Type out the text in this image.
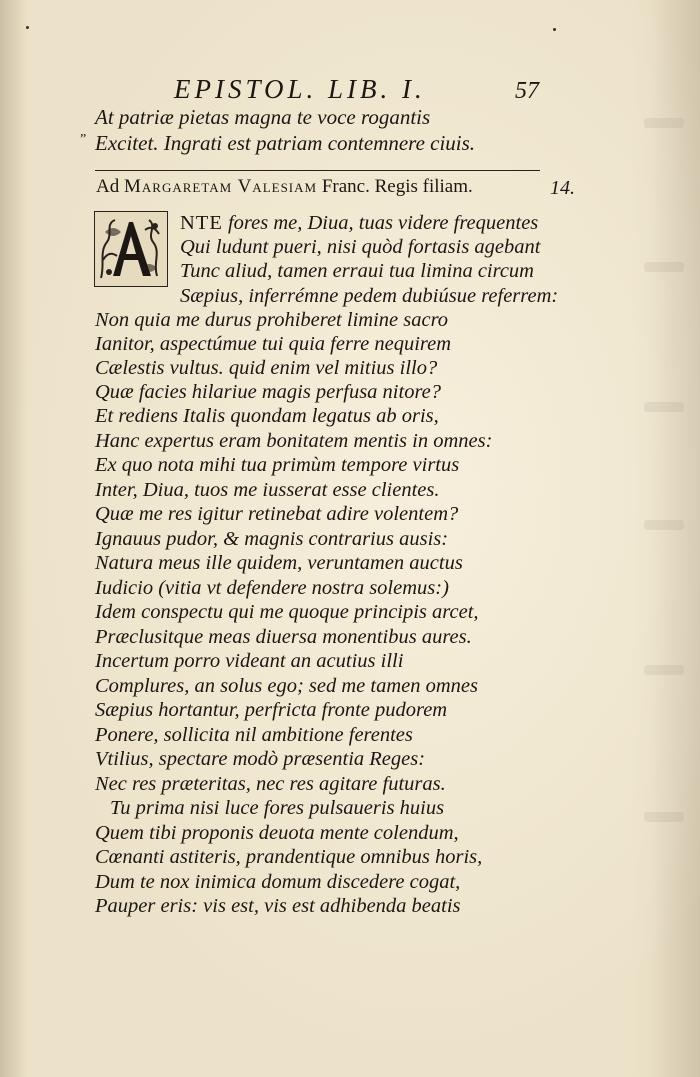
EPISTOL. LIB. I.	57
At patriæ pietas magna te voce rogantis
” Excitet. Ingrati est patriam contemnere ciuis.
Ad Margaretam Valesiam Franc. Regis filiam.	14.
NTE fores me, Diua, tuas videre frequentes
Qui ludunt pueri, nisi quòd fortasis agebant
Tunc aliud, tamen erraui tua limina circum
Sæpius, inferrémne pedem dubiúsue referrem:
Non quia me durus prohiberet limine sacro
Ianitor, aspectúmue tui quia ferre nequirem
Cælestis vultus. quid enim vel mitius illo?
Quæ facies hilariue magis perfusa nitore?
Et rediens Italis quondam legatus ab oris,
Hanc expertus eram bonitatem mentis in omnes:
Ex quo nota mihi tua primùm tempore virtus
Inter, Diua, tuos me iusserat esse clientes.
Quæ me res igitur retinebat adire volentem?
Ignauus pudor, & magnis contrarius ausis:
Natura meus ille quidem, veruntamen auctus
Iudicio (vitia vt defendere nostra solemus:)
Idem conspectu qui me quoque principis arcet,
Præclusitque meas diuersa monentibus aures.
Incertum porro videant an acutius illi
Complures, an solus ego; sed me tamen omnes
Sæpius hortantur, perfricta fronte pudorem
Ponere, sollicita nil ambitione ferentes
Vtilius, spectare modò præsentia Reges:
Nec res præteritas, nec res agitare futuras.
Tu prima nisi luce fores pulsaueris huius
Quem tibi proponis deuota mente colendum,
Cœnanti astiteris, prandentique omnibus horis,
Dum te nox inimica domum discedere cogat,
Pauper eris: vis est, vis est adhibenda beatis
